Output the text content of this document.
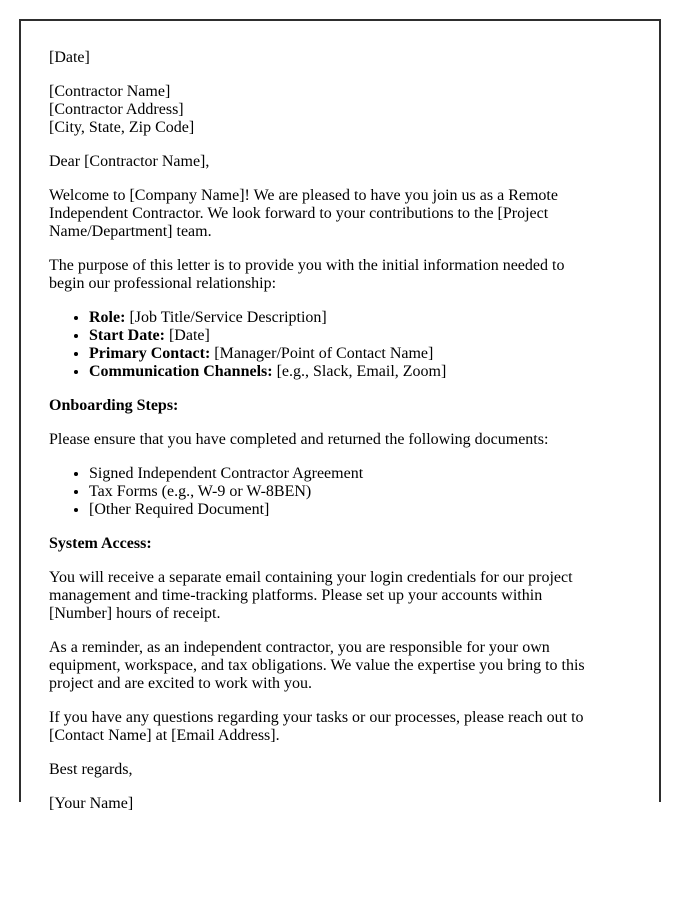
[Date]

[Contractor Name]
[Contractor Address]
[City, State, Zip Code]

Dear [Contractor Name],

Welcome to [Company Name]! We are pleased to have you join us as a Remote Independent Contractor. We look forward to your contributions to the [Project Name/Department] team.

The purpose of this letter is to provide you with the initial information needed to begin our professional relationship:

• Role: [Job Title/Service Description]
• Start Date: [Date]
• Primary Contact: [Manager/Point of Contact Name]
• Communication Channels: [e.g., Slack, Email, Zoom]

Onboarding Steps:

Please ensure that you have completed and returned the following documents:

• Signed Independent Contractor Agreement
• Tax Forms (e.g., W-9 or W-8BEN)
• [Other Required Document]

System Access:

You will receive a separate email containing your login credentials for our project management and time-tracking platforms. Please set up your accounts within [Number] hours of receipt.

As a reminder, as an independent contractor, you are responsible for your own equipment, workspace, and tax obligations. We value the expertise you bring to this project and are excited to work with you.

If you have any questions regarding your tasks or our processes, please reach out to [Contact Name] at [Email Address].

Best regards,

[Your Name]
